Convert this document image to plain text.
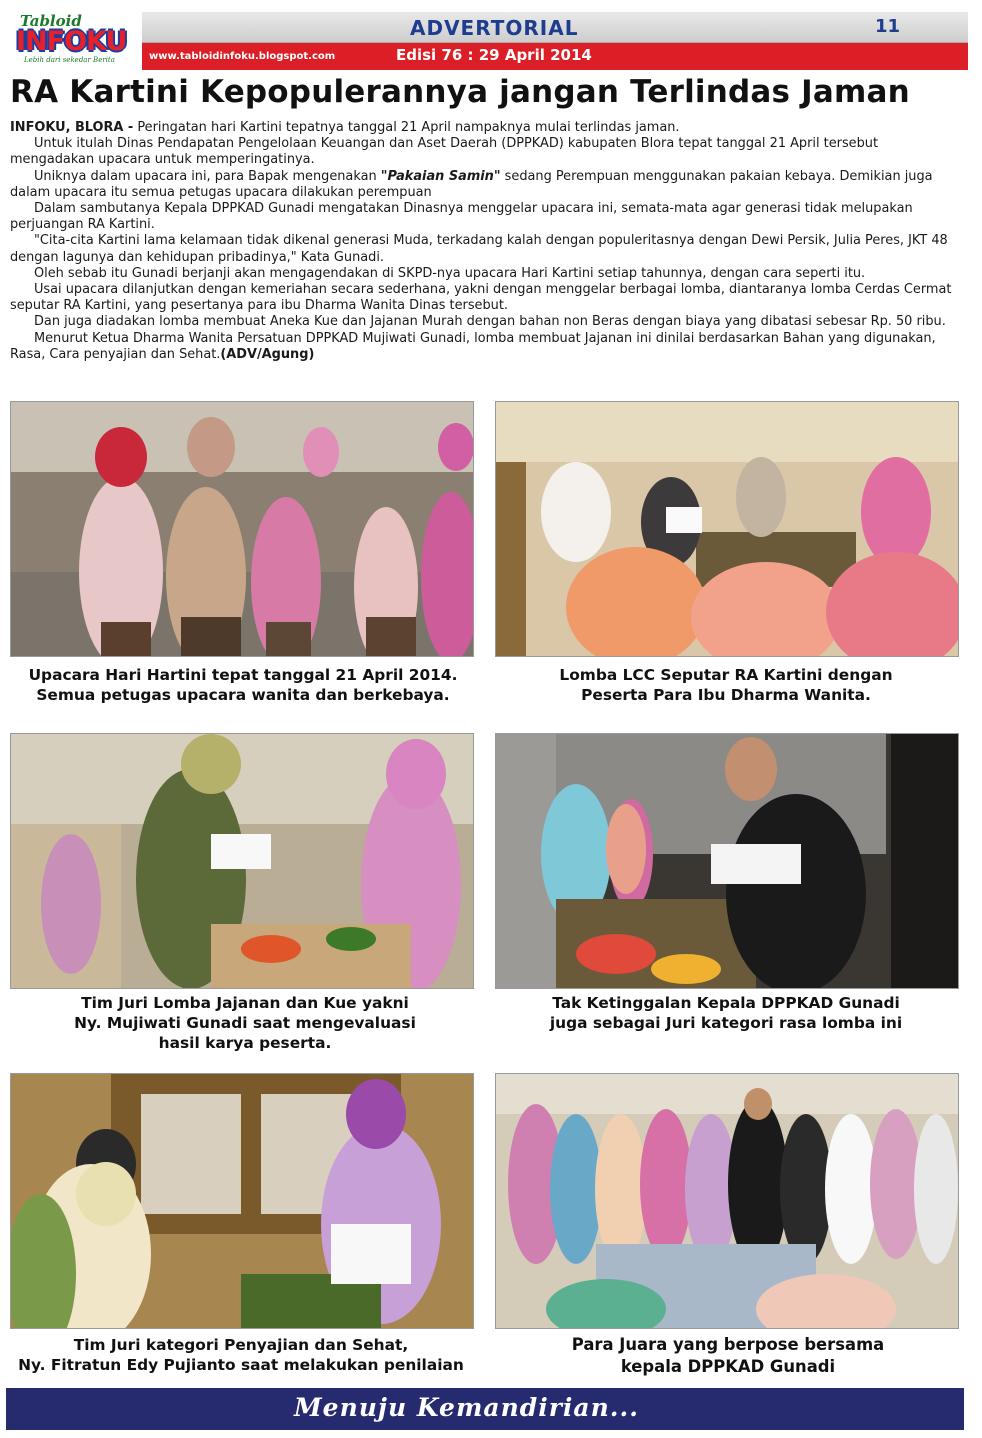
Tabloid
INFOKU
Lebih dari sekedar Berita
ADVERTORIAL	11
www.tabloidinfoku.blogspot.com	Edisi 76 : 29 April 2014
RA Kartini Kepopulerannya jangan Terlindas Jaman

INFOKU, BLORA - Peringatan hari Kartini tepatnya tanggal 21 April nampaknya mulai terlindas jaman.

Untuk itulah Dinas Pendapatan Pengelolaan Keuangan dan Aset Daerah (DPPKAD) kabupaten Blora tepat tanggal 21 April tersebut mengadakan upacara untuk memperingatinya.

Uniknya dalam upacara ini, para Bapak mengenakan "Pakaian Samin" sedang Perempuan menggunakan pakaian kebaya. Demikian juga dalam upacara itu semua petugas upacara dilakukan perempuan

Dalam sambutanya Kepala DPPKAD Gunadi mengatakan Dinasnya menggelar upacara ini, semata-mata agar generasi tidak melupakan perjuangan RA Kartini.

"Cita-cita Kartini lama kelamaan tidak dikenal generasi Muda, terkadang kalah dengan populeritasnya dengan Dewi Persik, Julia Peres, JKT 48 dengan lagunya dan kehidupan pribadinya," Kata Gunadi.

Oleh sebab itu Gunadi berjanji akan mengagendakan di SKPD-nya upacara Hari Kartini setiap tahunnya, dengan cara seperti itu.

Usai upacara dilanjutkan dengan kemeriahan secara sederhana, yakni dengan menggelar berbagai lomba, diantaranya lomba Cerdas Cermat seputar RA Kartini, yang pesertanya para ibu Dharma Wanita Dinas tersebut.

Dan juga diadakan lomba membuat Aneka Kue dan Jajanan Murah dengan bahan non Beras dengan biaya yang dibatasi sebesar Rp. 50 ribu.

Menurut Ketua Dharma Wanita Persatuan DPPKAD Mujiwati Gunadi, lomba membuat Jajanan ini dinilai berdasarkan Bahan yang digunakan, Rasa, Cara penyajian dan Sehat.(ADV/Agung)

Upacara Hari Hartini tepat tanggal 21 April 2014.
Semua petugas upacara wanita dan berkebaya.
Lomba LCC Seputar RA Kartini dengan
Peserta Para Ibu Dharma Wanita.
Tim Juri Lomba Jajanan dan Kue yakni
Ny. Mujiwati Gunadi saat mengevaluasi
hasil karya peserta.
Tak Ketinggalan Kepala DPPKAD Gunadi
juga sebagai Juri kategori rasa lomba ini
Tim Juri kategori Penyajian dan Sehat,
Ny. Fitratun Edy Pujianto saat melakukan penilaian
Para Juara yang berpose bersama
kepala DPPKAD Gunadi
Menuju Kemandirian...
